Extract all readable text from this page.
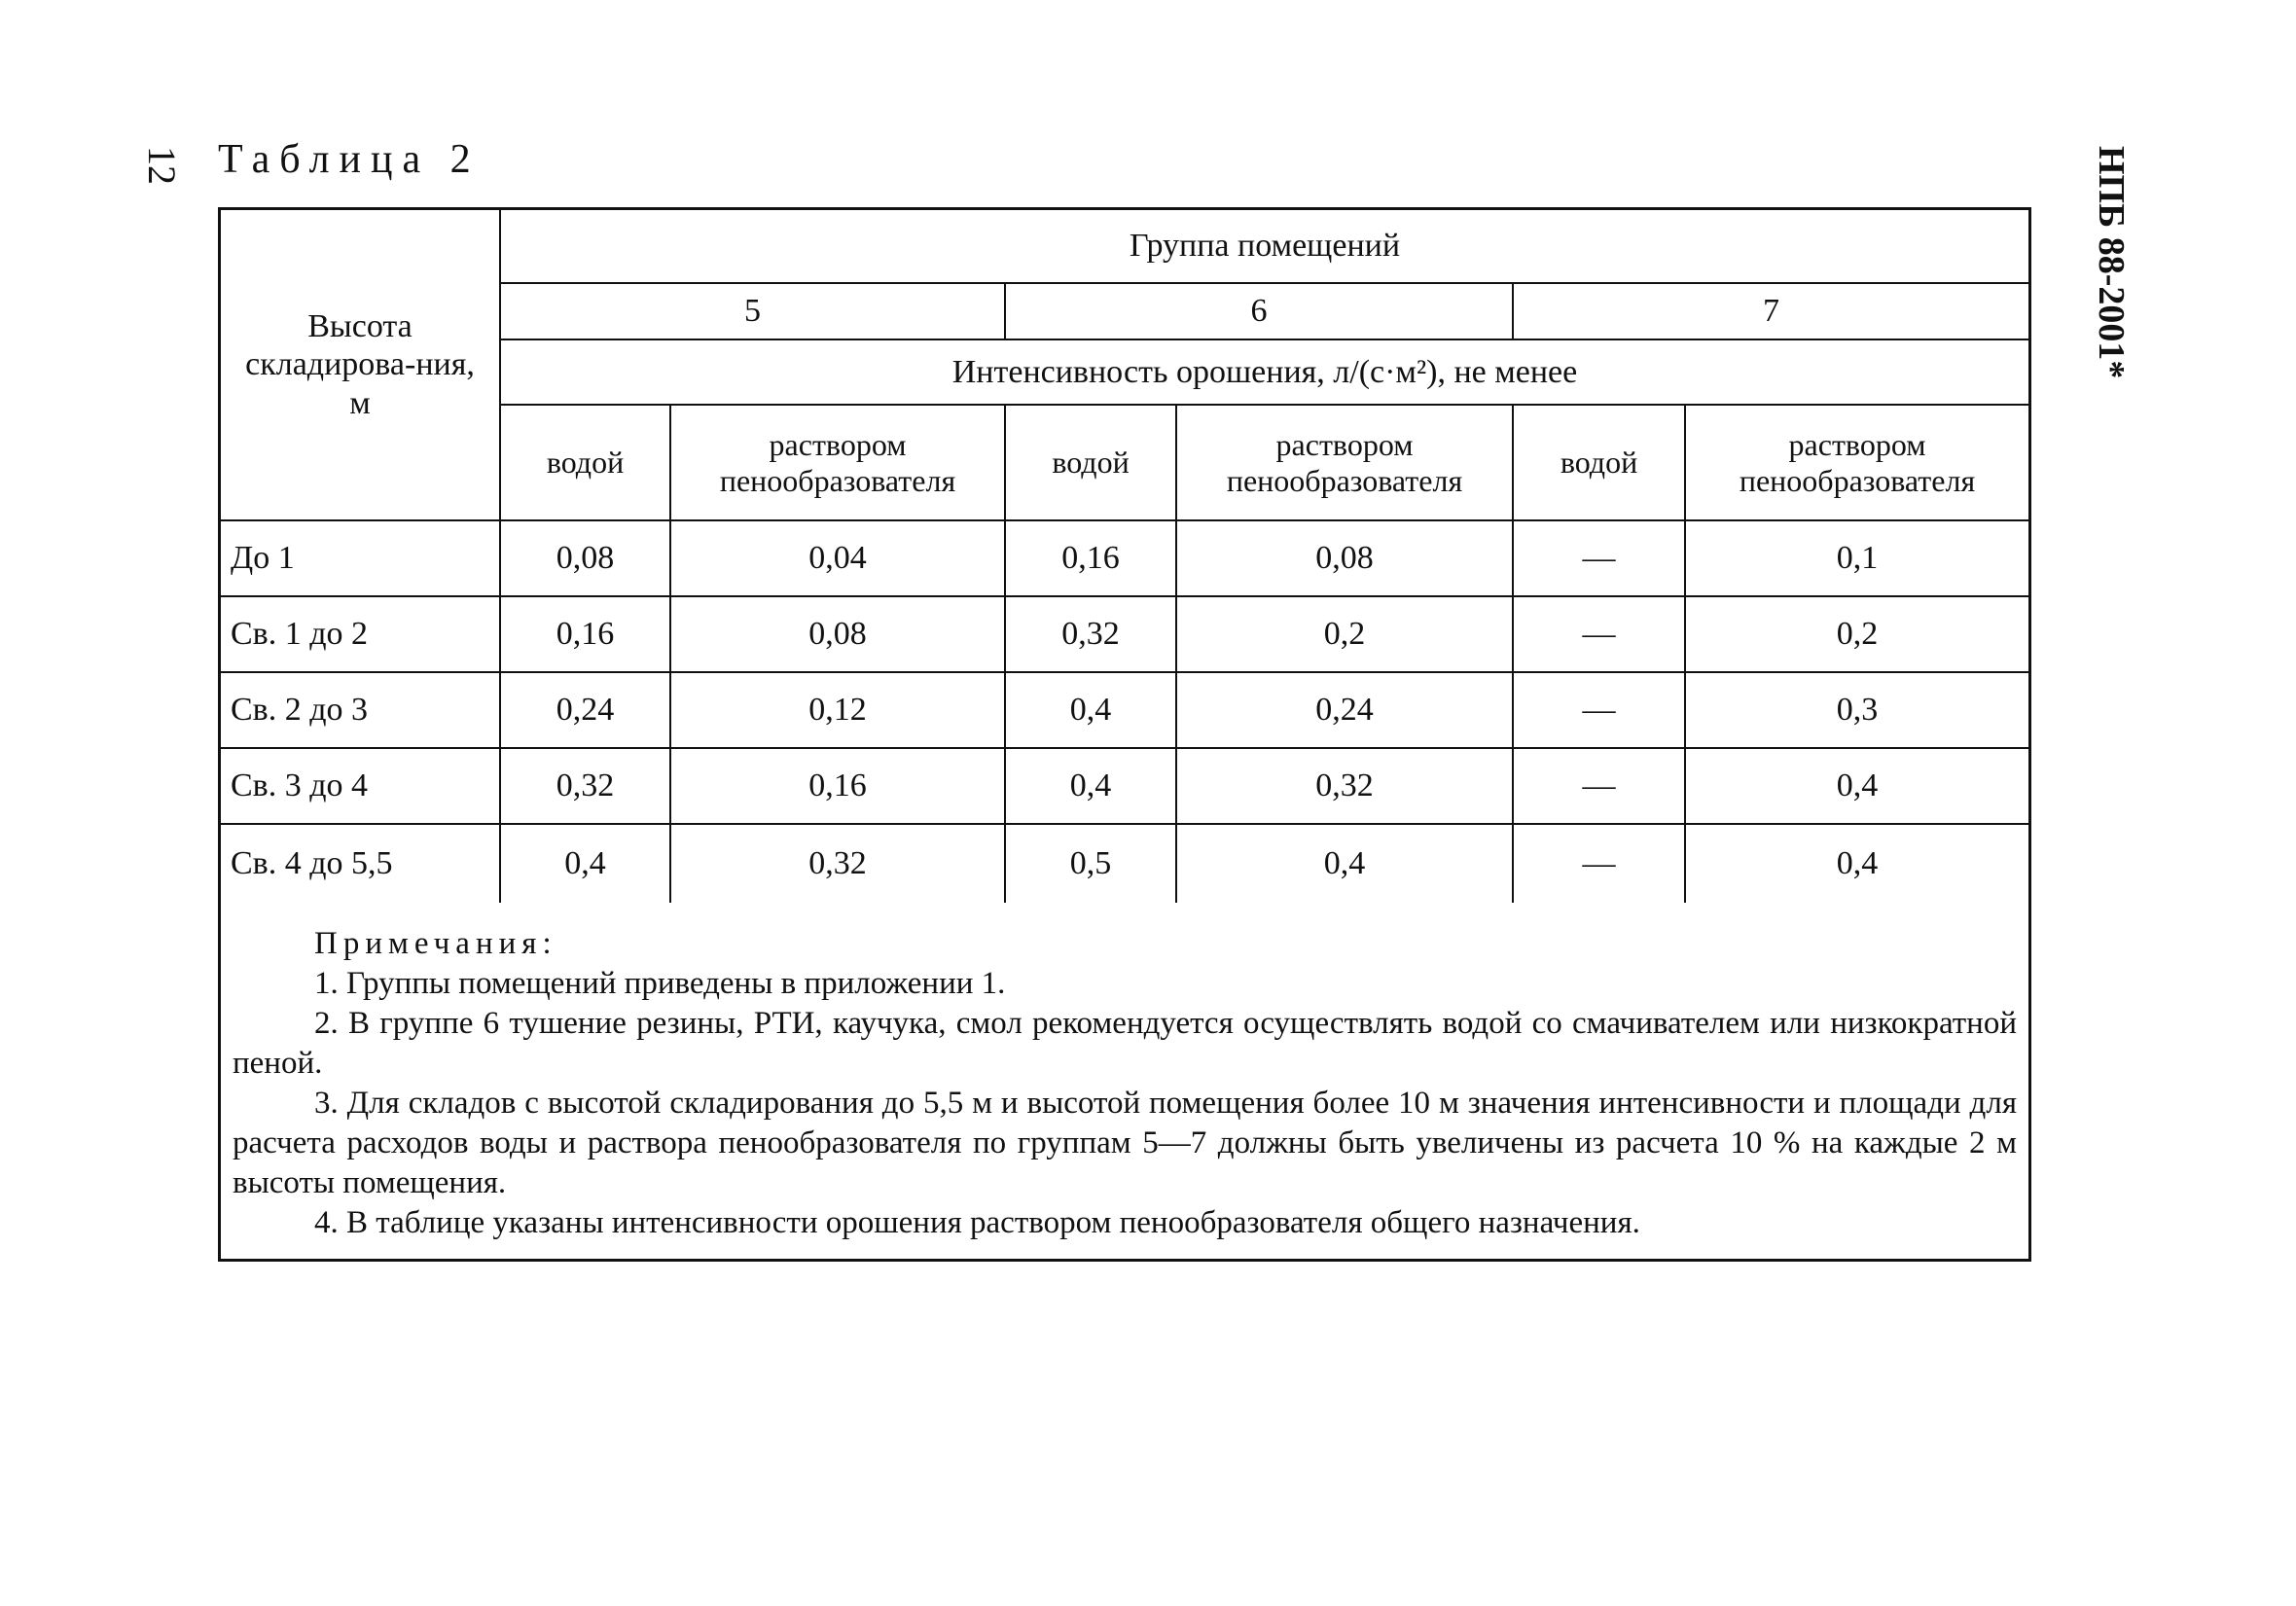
12	НПБ 88-2001*
Таблица 2
Высота складирова-ния, м	Группа помещений					
	5		6		7	
	Интенсивность орошения, л/(с·м²), не менее					
	водой	раствором пенообразователя	водой	раствором пенообразователя	водой	раствором пенообразователя
До 1	0,08	0,04	0,16	0,08	—	0,1
Св. 1 до 2	0,16	0,08	0,32	0,2	—	0,2
Св. 2 до 3	0,24	0,12	0,4	0,24	—	0,3
Св. 3 до 4	0,32	0,16	0,4	0,32	—	0,4
Св. 4 до 5,5	0,4	0,32	0,5	0,4	—	0,4
Примечания:
1. Группы помещений приведены в приложении 1.
2. В группе 6 тушение резины, РТИ, каучука, смол рекомендуется осуществлять водой со смачивателем или низкократной пеной.
3. Для складов с высотой складирования до 5,5 м и высотой помещения более 10 м значения интенсивности и площади для расчета расходов воды и раствора пенообразователя по группам 5—7 должны быть увеличены из расчета 10 % на каждые 2 м высоты помещения.
4. В таблице указаны интенсивности орошения раствором пенообразователя общего назначения.
